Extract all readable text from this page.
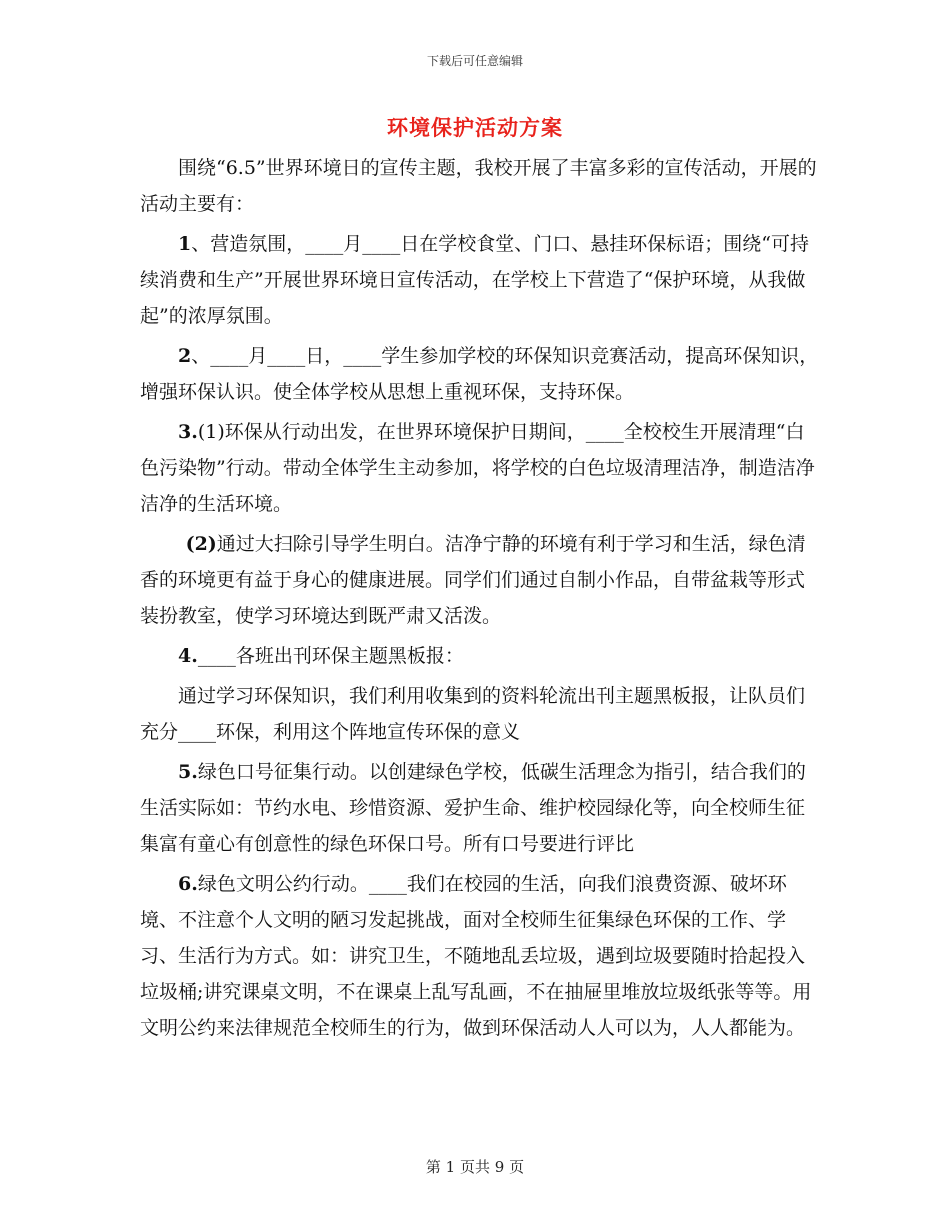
下载后可任意编辑
环境保护活动方案

围绕“6.5”世界环境日的宣传主题，我校开展了丰富多彩的宣传活动，开展的活动主要有：

1、营造氛围，____月____日在学校食堂、门口、悬挂环保标语；围绕“可持续消费和生产”开展世界环境日宣传活动，在学校上下营造了“保护环境，从我做起”的浓厚氛围。

2、____月____日，____学生参加学校的环保知识竞赛活动，提高环保知识，增强环保认识。使全体学校从思想上重视环保，支持环保。

3.(1)环保从行动出发，在世界环境保护日期间，____全校校生开展清理“白色污染物”行动。带动全体学生主动参加，将学校的白色垃圾清理洁净，制造洁净洁净的生活环境。

(2)通过大扫除引导学生明白。洁净宁静的环境有利于学习和生活，绿色清香的环境更有益于身心的健康进展。同学们们通过自制小作品，自带盆栽等形式装扮教室，使学习环境达到既严肃又活泼。

4.____各班出刊环保主题黑板报：

通过学习环保知识，我们利用收集到的资料轮流出刊主题黑板报，让队员们充分____环保，利用这个阵地宣传环保的意义

5.绿色口号征集行动。以创建绿色学校，低碳生活理念为指引，结合我们的生活实际如：节约水电、珍惜资源、爱护生命、维护校园绿化等，向全校师生征集富有童心有创意性的绿色环保口号。所有口号要进行评比

6.绿色文明公约行动。____我们在校园的生活，向我们浪费资源、破坏环境、不注意个人文明的陋习发起挑战，面对全校师生征集绿色环保的工作、学习、生活行为方式。如：讲究卫生，不随地乱丢垃圾，遇到垃圾要随时拾起投入垃圾桶;讲究课桌文明，不在课桌上乱写乱画，不在抽屉里堆放垃圾纸张等等。用文明公约来法律规范全校师生的行为，做到环保活动人人可以为，人人都能为。

第 1 页共 9 页
